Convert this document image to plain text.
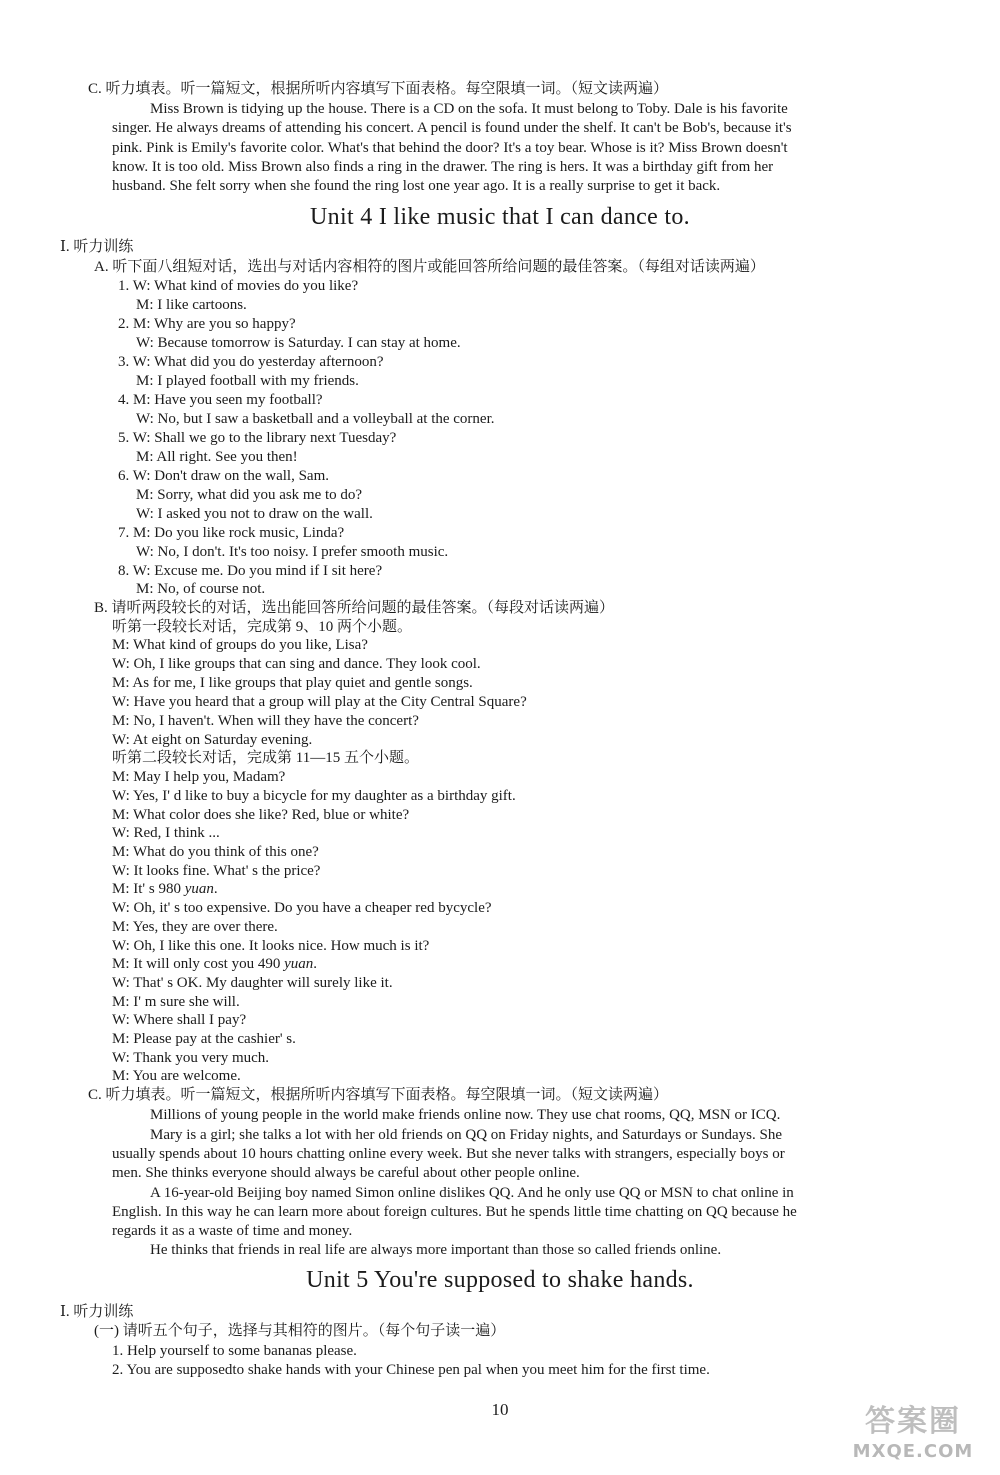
C. 听力填表。听一篇短文，根据所听内容填写下面表格。每空限填一词。（短文读两遍）
Miss Brown is tidying up the house. There is a CD on the sofa. It must belong to Toby. Dale is his favorite
singer. He always dreams of attending his concert. A pencil is found under the shelf. It can't be Bob's, because it's
pink. Pink is Emily's favorite color. What's that behind the door? It's a toy bear. Whose is it? Miss Brown doesn't
know. It is too old. Miss Brown also finds a ring in the drawer. The ring is hers. It was a birthday gift from her
husband. She felt sorry when she found the ring lost one year ago. It is a really surprise to get it back.
Ⅰ. 听力训练
A. 听下面八组短对话，选出与对话内容相符的图片或能回答所给问题的最佳答案。（每组对话读两遍）
1. W: What kind of movies do you like?
M: I like cartoons.
2. M: Why are you so happy?
W: Because tomorrow is Saturday. I can stay at home.
3. W: What did you do yesterday afternoon?
M: I played football with my friends.
4. M: Have you seen my football?
W: No, but I saw a basketball and a volleyball at the corner.
5. W: Shall we go to the library next Tuesday?
M: All right. See you then!
6. W: Don't draw on the wall, Sam.
M: Sorry, what did you ask me to do?
W: I asked you not to draw on the wall.
7. M: Do you like rock music, Linda?
W: No, I don't. It's too noisy. I prefer smooth music.
8. W: Excuse me. Do you mind if I sit here?
M: No, of course not.
B. 请听两段较长的对话，选出能回答所给问题的最佳答案。（每段对话读两遍）
听第一段较长对话，完成第 9、10 两个小题。
M: What kind of groups do you like, Lisa?
W: Oh, I like groups that can sing and dance. They look cool.
M: As for me, I like groups that play quiet and gentle songs.
W: Have you heard that a group will play at the City Central Square?
M: No, I haven't. When will they have the concert?
W: At eight on Saturday evening.
听第二段较长对话，完成第 11—15 五个小题。
M: May I help you, Madam?
W: Yes, I' d like to buy a bicycle for my daughter as a birthday gift.
M: What color does she like? Red, blue or white?
W: Red, I think ...
M: What do you think of this one?
W: It looks fine. What' s the price?
M: It' s 980 yuan.
W: Oh, it' s too expensive. Do you have a cheaper red bycycle?
M: Yes, they are over there.
W: Oh, I like this one. It looks nice. How much is it?
M: It will only cost you 490 yuan.
W: That' s OK. My daughter will surely like it.
M: I' m sure she will.
W: Where shall I pay?
M: Please pay at the cashier' s.
W: Thank you very much.
M: You are welcome.
C. 听力填表。听一篇短文，根据所听内容填写下面表格。每空限填一词。（短文读两遍）
Millions of young people in the world make friends online now. They use chat rooms, QQ, MSN or ICQ.
Mary is a girl; she talks a lot with her old friends on QQ on Friday nights, and Saturdays or Sundays. She
usually spends about 10 hours chatting online every week. But she never talks with strangers, especially boys or
men. She thinks everyone should always be careful about other people online.
A 16-year-old Beijing boy named Simon online dislikes QQ. And he only use QQ or MSN to chat online in
English. In this way he can learn more about foreign cultures. But he spends little time chatting on QQ because he
regards it as a waste of time and money.
He thinks that friends in real life are always more important than those so called friends online.
Ⅰ. 听力训练
(一) 请听五个句子，选择与其相符的图片。（每个句子读一遍）
1. Help yourself to some bananas please.
2. You are supposedto shake hands with your Chinese pen pal when you meet him for the first time.
Unit 4 I like music that I can dance to.
Unit 5 You're supposed to shake hands.
10	答案圈
MXQE.COM
